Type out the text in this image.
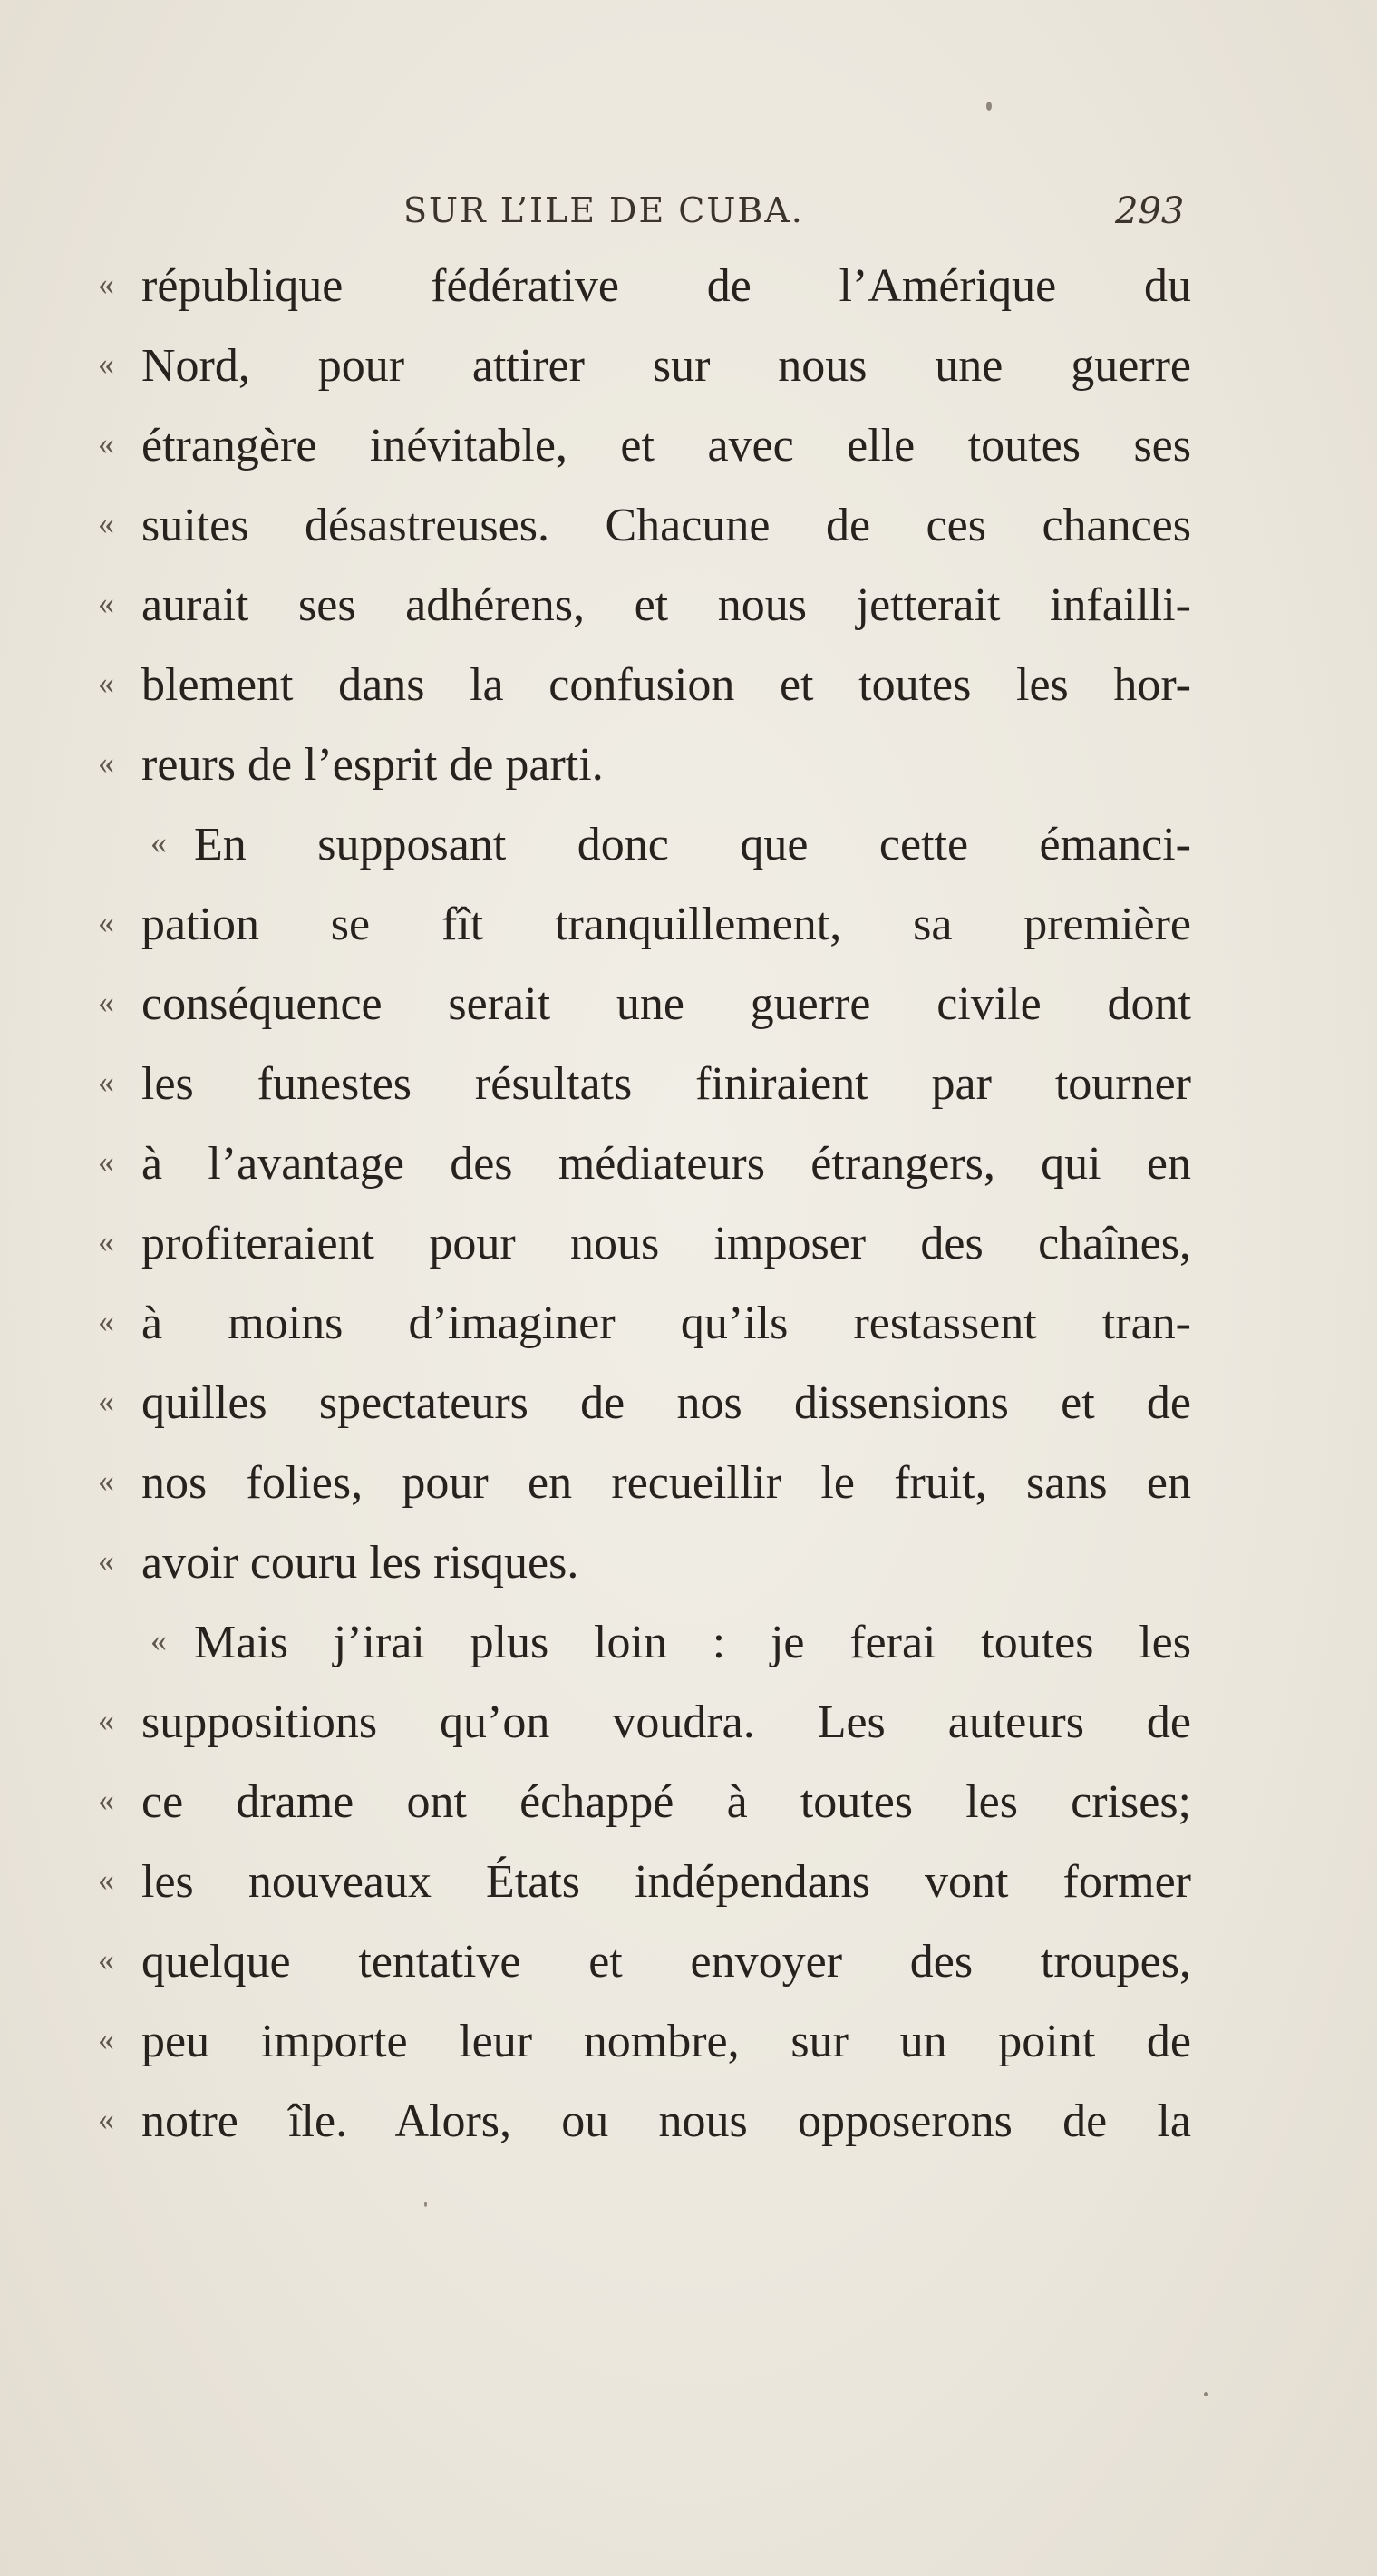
SUR L’ILE DE CUBA.	293
« république fédérative de l’Amérique du
« Nord, pour attirer sur nous une guerre
« étrangère inévitable, et avec elle toutes ses
« suites désastreuses. Chacune de ces chances
« aurait ses adhérens, et nous jetterait infailli-
« blement dans la confusion et toutes les hor-
« reurs de l’esprit de parti.
« En supposant donc que cette émanci-
« pation se fît tranquillement, sa première
« conséquence serait une guerre civile dont
« les funestes résultats finiraient par tourner
« à l’avantage des médiateurs étrangers, qui en
« profiteraient pour nous imposer des chaînes,
« à moins d’imaginer qu’ils restassent tran-
« quilles spectateurs de nos dissensions et de
« nos folies, pour en recueillir le fruit, sans en
« avoir couru les risques.
« Mais j’irai plus loin : je ferai toutes les
« suppositions qu’on voudra. Les auteurs de
« ce drame ont échappé à toutes les crises;
« les nouveaux États indépendans vont former
« quelque tentative et envoyer des troupes,
« peu importe leur nombre, sur un point de
« notre île. Alors, ou nous opposerons de la
